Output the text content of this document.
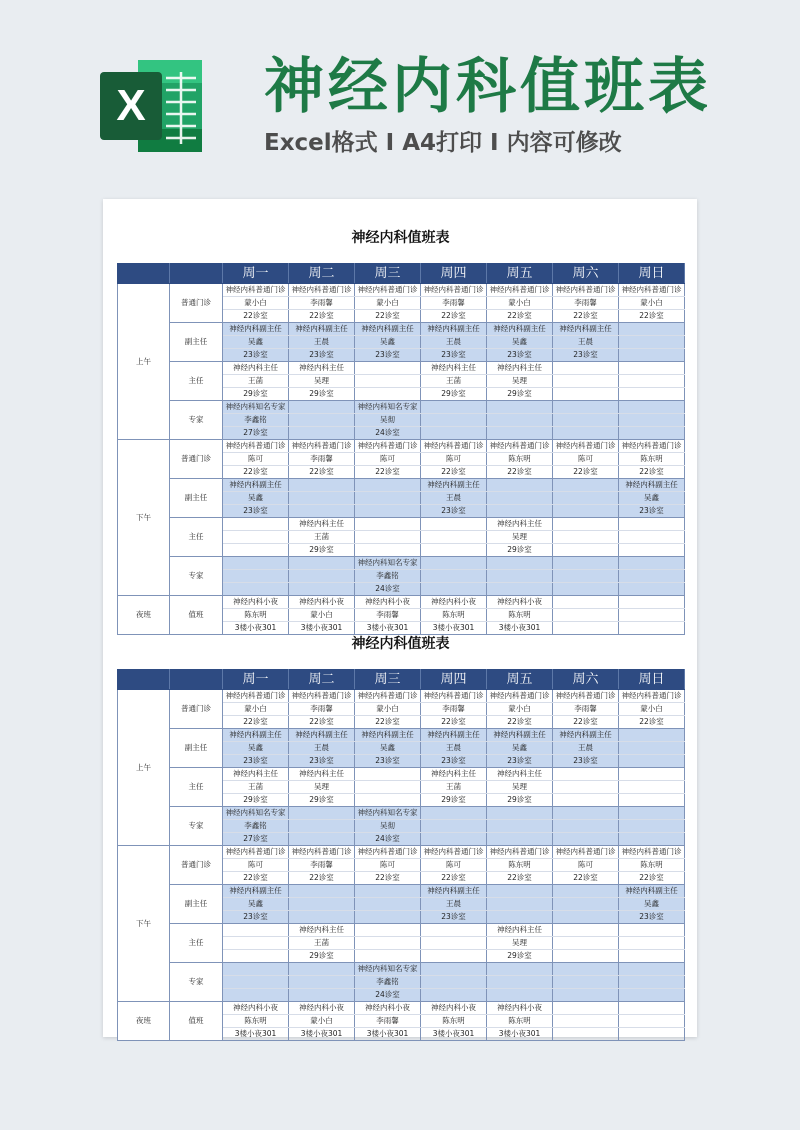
X 神经内科值班表
Excel格式 I A4打印 I 内容可修改
神经内科值班表
		周一	周二	周三	周四	周五	周六	周日
上午	普通门诊	神经内科普通门诊	神经内科普通门诊	神经内科普通门诊	神经内科普通门诊	神经内科普通门诊	神经内科普通门诊	神经内科普通门诊
		蒙小白	李雨馨	蒙小白	李雨馨	蒙小白	李雨馨	蒙小白
		22诊室	22诊室	22诊室	22诊室	22诊室	22诊室	22诊室
	副主任	神经内科副主任	神经内科副主任	神经内科副主任	神经内科副主任	神经内科副主任	神经内科副主任	
		吴鑫	王晨	吴鑫	王晨	吴鑫	王晨	
		23诊室	23诊室	23诊室	23诊室	23诊室	23诊室	
	主任	神经内科主任	神经内科主任		神经内科主任	神经内科主任		
		王菡	吴理		王菡	吴理		
		29诊室	29诊室		29诊室	29诊室		
	专家	神经内科知名专家		神经内科知名专家				
		李鑫铭		吴彻				
		27诊室		24诊室				
下午	普通门诊	神经内科普通门诊	神经内科普通门诊	神经内科普通门诊	神经内科普通门诊	神经内科普通门诊	神经内科普通门诊	神经内科普通门诊
		陈可	李雨馨	陈可	陈可	陈东明	陈可	陈东明
		22诊室	22诊室	22诊室	22诊室	22诊室	22诊室	22诊室
	副主任	神经内科副主任			神经内科副主任			神经内科副主任
		吴鑫			王晨			吴鑫
		23诊室			23诊室			23诊室
	主任		神经内科主任			神经内科主任		
			王菡			吴理		
			29诊室			29诊室		
	专家			神经内科知名专家				
				李鑫铭				
				24诊室				
夜班	值班	神经内科小夜	神经内科小夜	神经内科小夜	神经内科小夜	神经内科小夜		
		陈东明	蒙小白	李雨馨	陈东明	陈东明		
		3楼小夜301	3楼小夜301	3楼小夜301	3楼小夜301	3楼小夜301		
神经内科值班表
		周一	周二	周三	周四	周五	周六	周日
上午	普通门诊	神经内科普通门诊	神经内科普通门诊	神经内科普通门诊	神经内科普通门诊	神经内科普通门诊	神经内科普通门诊	神经内科普通门诊
		蒙小白	李雨馨	蒙小白	李雨馨	蒙小白	李雨馨	蒙小白
		22诊室	22诊室	22诊室	22诊室	22诊室	22诊室	22诊室
	副主任	神经内科副主任	神经内科副主任	神经内科副主任	神经内科副主任	神经内科副主任	神经内科副主任	
		吴鑫	王晨	吴鑫	王晨	吴鑫	王晨	
		23诊室	23诊室	23诊室	23诊室	23诊室	23诊室	
	主任	神经内科主任	神经内科主任		神经内科主任	神经内科主任		
		王菡	吴理		王菡	吴理		
		29诊室	29诊室		29诊室	29诊室		
	专家	神经内科知名专家		神经内科知名专家				
		李鑫铭		吴彻				
		27诊室		24诊室				
下午	普通门诊	神经内科普通门诊	神经内科普通门诊	神经内科普通门诊	神经内科普通门诊	神经内科普通门诊	神经内科普通门诊	神经内科普通门诊
		陈可	李雨馨	陈可	陈可	陈东明	陈可	陈东明
		22诊室	22诊室	22诊室	22诊室	22诊室	22诊室	22诊室
	副主任	神经内科副主任			神经内科副主任			神经内科副主任
		吴鑫			王晨			吴鑫
		23诊室			23诊室			23诊室
	主任		神经内科主任			神经内科主任		
			王菡			吴理		
			29诊室			29诊室		
	专家			神经内科知名专家				
				李鑫铭				
				24诊室				
夜班	值班	神经内科小夜	神经内科小夜	神经内科小夜	神经内科小夜	神经内科小夜		
		陈东明	蒙小白	李雨馨	陈东明	陈东明		
		3楼小夜301	3楼小夜301	3楼小夜301	3楼小夜301	3楼小夜301		
